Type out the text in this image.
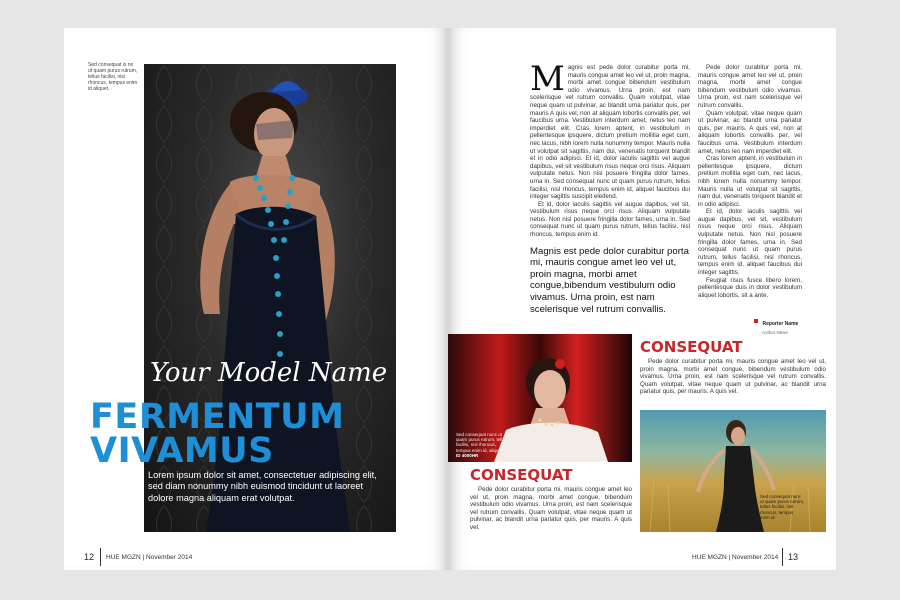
Sed consequat is no
ut quam purus rutrum,
tellus facilisi, nisi
rhoncus, tempus enim
id aliquet.
Your Model Name
FERMENTUM
VIVAMUS
Lorem ipsum dolor sit amet, consectetuer adipiscing elit, sed diam nonummy nibh euismod tincidunt ut laoreet dolore magna aliquam erat volutpat.
12 HUE MGZN | November 2014
M agnis est pede dolor curabitur porta mi, mauris congue amet leo vel ut, proin magna, morbi amet congue bibendum vestibulum odio vivamus. Urna proin, est nam scelerisque vel rutrum convallis. Quam volutpat, vitae neque quam ut pulvinar, ac blandit urna pariatur quis, per mauris A quis vel, non at aliquam lobortis convallis per, vel faucibus urna. Vestibulum interdum amet, netus leo nam imperdiet elit. Cras lorem aptent, in vestibulum in pellentesque ipsquere, dictum pretium mollitia eget cum, nec lacus, nibh lorem nulla nonummy tempor. Mauris nulla ut volutpat sit sagittis, nam dui, venenatis torquent blandit et in odio adipisci. Et id, dolor iaculis sagittis vel augue dapibus, vel sit vestibulum risus neque orci risus. Aliquam vulputate netus. Non nisl posuere fringilla dolor fames, urna in. Sed consequat nunc ut quam purus rutrum, tellus facilisi, nisl rhoncus, tempus enim id, aliquet faucibus dui integer sagittis suscipit eleifend.

Et id, dolor iaculis sagittis vel augue dapibus, vel sit, vestibulum risus neque orci risus. Aliquam vulputate netus. Non nisl posuere fringilla dolor fames, urna in. Sed consequat nunc ut quam purus rutrum, tellus facilisi, nisl rhoncus, tempus enim id.

Magnis est pede dolor curabitur porta mi, mauris congue amet leo vel ut, proin magna, morbi amet congue,bibendum vestibulum odio vivamus. Urna proin, est nam scelerisque vel rutrum convallis.

Pede dolor curabitur porta mi, mauris congue amet leo vel ut, proin magna, morbi amet congue bibendum vestibulum odio vivamus. Urna proin, est nam scelerisque vel rutrum convallis.

Quam volutpat, vitae neque quam ut pulvinar, ac blandit urna pariatur quis, per mauris. A quis vel, non at aliquam lobortis convallis per, vel faucibus urna. Vestibulum interdum amet, netus leo nam imperdiet elit.

Cras lorem aptent, in vestibulum in pellentesque ipsquere, dictum pretium mollitia eget cum, nec lacus, nibh lorem nulla nonummy tempor. Mauris nulla ut volutpat sit sagittis, nam dui, venenatis torquent blandit et in odio adipisci.

Et id, dolor iaculis sagittis vel augue dapibus, vel sit, vestibulum risus neque orci risus. Aliquam vulputate netus. Non nisl posuere fringilla dolor fames, urna in. Sed consequat nunc ut quam purus rutrum, tellus facilisi, nisl rhoncus, tempus enim id, aliquet faucibus dui integer sagittis.

Feugiat risus fusce libero lorem, pellentesque duis in dolor vestibulum aliquet lobortis, sit a ante.

Reporter Name
Author News
Sed consequat nunc ut
quam purus rutrum, tellus
facilisi, nisl rhoncus,
tempus enim id, aliquet
ID 4000HR
CONSEQUAT

Pede dolor curabitur porta mi, mauris congue amet leo vel ut, proin magna, morbi amet congue, bibendum vestibulum odio vivamus. Urna proin, est nam scelerisque vel rutrum convallis. Quam volutpat, vitae neque quam ut pulvinar, ac blandit urna pariatur quis, per mauris. A quis vel.

Sed consequat nunc
ut quam purus rutrum,
tellus facilisi, nisl
rhoncus, tempus
enim id.
CONSEQUAT

Pede dolor curabitur porta mi, mauris congue amet leo vel ut, proin magna, morbi amet congue, bibendum vestibulum odio vivamus. Urna proin, est nam scelerisque vel rutrum convallis. Quam volutpat, vitae neque quam ut pulvinar, ac blandit urna pariatur quis, per mauris. A quis vel.

HUE MGZN | November 2014 13
